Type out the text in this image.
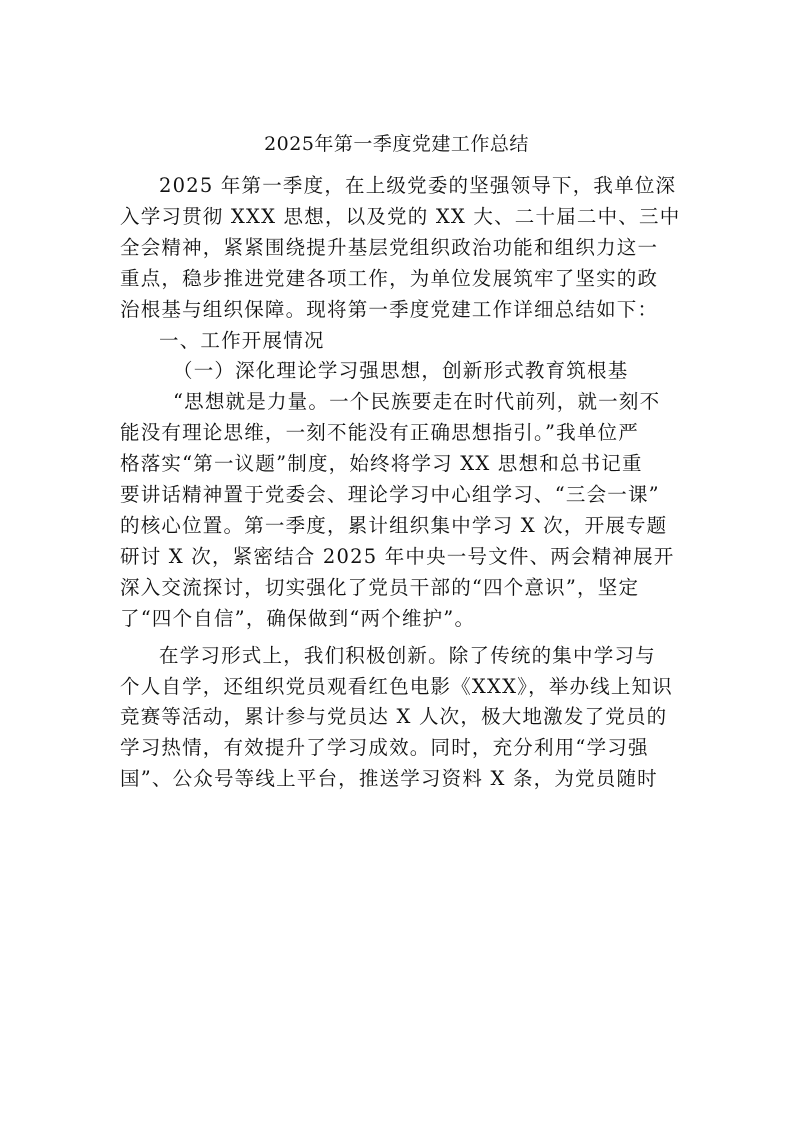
2025年第一季度党建工作总结
2025 年第一季度，在上级党委的坚强领导下，我单位深
入学习贯彻 XXX 思想，以及党的 XX 大、二十届二中、三中
全会精神，紧紧围绕提升基层党组织政治功能和组织力这一
重点，稳步推进党建各项工作，为单位发展筑牢了坚实的政
治根基与组织保障。现将第一季度党建工作详细总结如下：
一、工作开展情况
（一）深化理论学习强思想，创新形式教育筑根基
“思想就是力量。一个民族要走在时代前列，就一刻不
能没有理论思维，一刻不能没有正确思想指引。”我单位严
格落实“第一议题”制度，始终将学习 XX 思想和总书记重
要讲话精神置于党委会、理论学习中心组学习、“三会一课”
的核心位置。第一季度，累计组织集中学习 X 次，开展专题
研讨 X 次，紧密结合 2025 年中央一号文件、两会精神展开
深入交流探讨，切实强化了党员干部的“四个意识”，坚定
了“四个自信”，确保做到“两个维护”。
在学习形式上，我们积极创新。除了传统的集中学习与
个人自学，还组织党员观看红色电影《XXX》，举办线上知识
竞赛等活动，累计参与党员达 X 人次，极大地激发了党员的
学习热情，有效提升了学习成效。同时，充分利用“学习强
国”、公众号等线上平台，推送学习资料 X 条，为党员随时
